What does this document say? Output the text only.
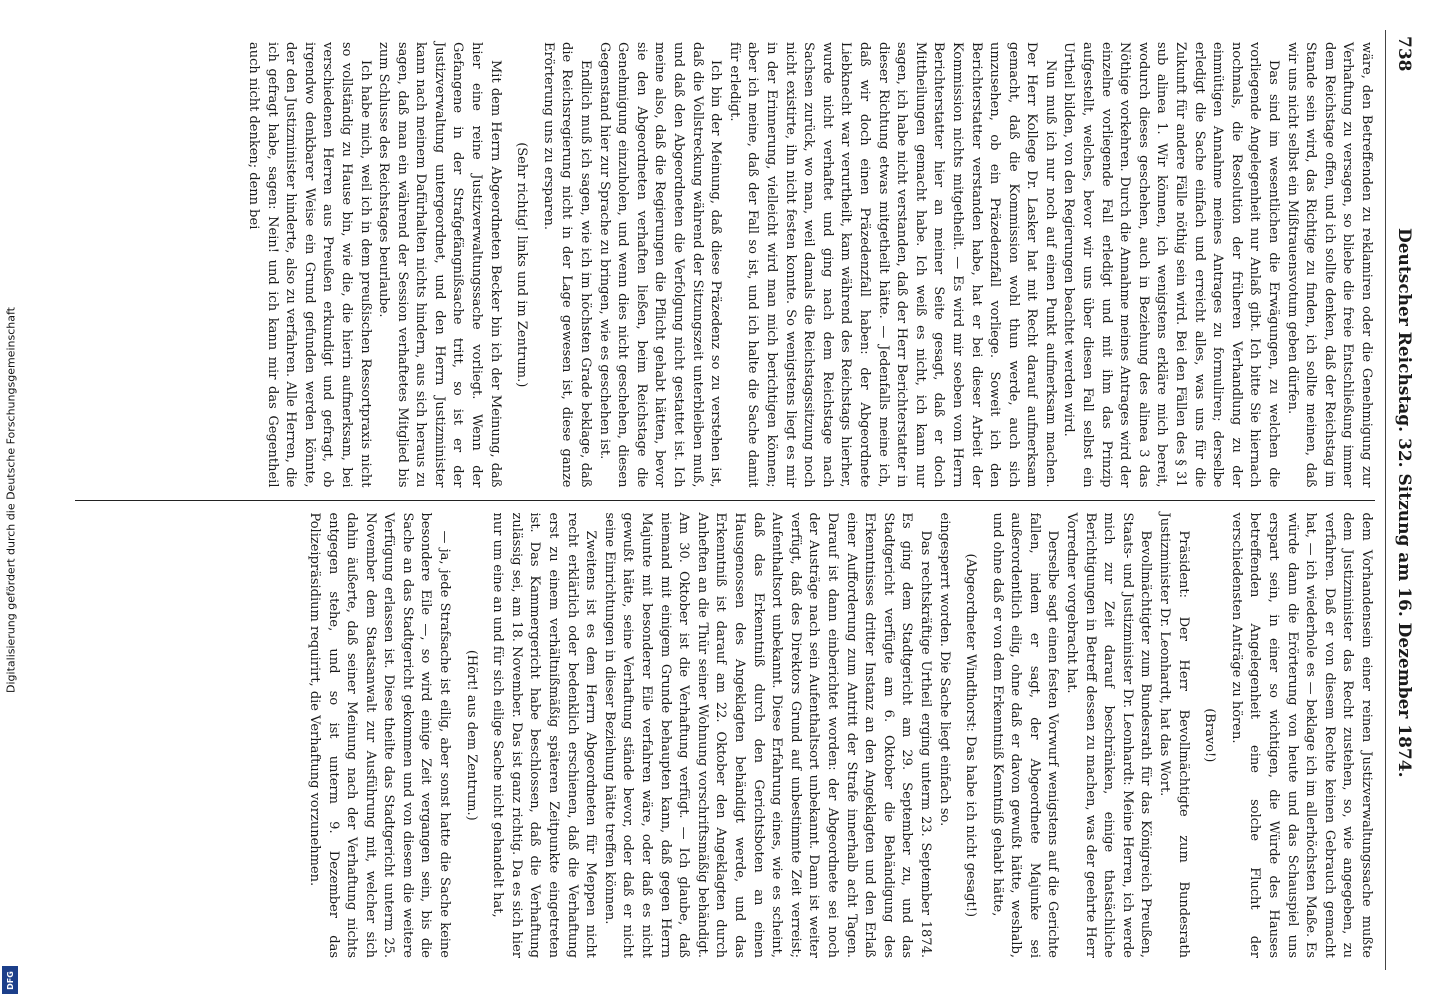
Digitalisierung gefördert durch die Deutsche Forschungsgemeinschaft
DFG
738
Deutscher Reichstag. 32. Sitzung am 16. Dezember 1874.

wäre, den Betreffenden zu reklamiren oder die Genehmigung zur Verhaftung zu versagen, so bliebe die freie Entschließung immer dem Reichstage offen, und ich sollte denken, daß der Reichstag im Stande sein wird, das Richtige zu finden, ich sollte meinen, daß wir uns nicht selbst ein Mißtrauensvotum geben dürfen.

Das sind im wesentlichen die Erwägungen, zu welchen die vorliegende Angelegenheit nur Anlaß gibt. Ich bitte Sie hiernach nochmals, die Resolution der früheren Verhandlung zu der einmütigen Annahme meines Antrages zu formuliren; derselbe erledigt die Sache einfach und erreicht alles, was uns für die Zukunft für andere Fälle nöthig sein wird. Bei den Fällen des § 31 sub alinea 1. Wir können, ich wenigstens erkläre mich bereit, wodurch dieses geschehen, auch in Beziehung des alinea 3 das Nöthige vorkehren. Durch die Annahme meines Antrages wird der einzelne vorliegende Fall erledigt und mit ihm das Prinzip aufgestellt, welches, bevor wir uns über diesen Fall selbst ein Urtheil bilden, von den Regierungen beachtet werden wird.

Nun muß ich nur noch auf einen Punkt aufmerksam machen. Der Herr Kollege Dr. Lasker hat mit Recht darauf aufmerksam gemacht, daß die Kommission wohl thun werde, auch sich umzusehen, ob ein Präzedenzfall vorliege. Soweit ich den Berichterstatter verstanden habe, hat er bei dieser Arbeit der Kommission nichts mitgetheilt. — Es wird mir soeben vom Herrn Berichterstatter hier an meiner Seite gesagt, daß er doch Mittheilungen gemacht habe. Ich weiß es nicht, ich kann nur sagen, ich habe nicht verstanden, daß der Herr Berichterstatter in dieser Richtung etwas mitgetheilt hätte. — Jedenfalls meine ich, daß wir doch einen Präzedenzfall haben: der Abgeordnete Liebknecht war verurtheilt, kam während des Reichstags hierher, wurde nicht verhaftet und ging nach dem Reichstage nach Sachsen zurück, wo man, weil damals die Reichstagssitzung noch nicht existirte, ihn nicht festen konnte. So wenigstens liegt es mir in der Erinnerung, vielleicht wird man mich berichtigen können; aber ich meine, daß der Fall so ist, und ich halte die Sache damit für erledigt.

Ich bin der Meinung, daß diese Präzedenz so zu verstehen ist, daß die Vollstreckung während der Sitzungszeit unterbleiben muß, und daß den Abgeordneten die Verfolgung nicht gestattet ist. Ich meine also, daß die Regierungen die Pflicht gehabt hätten, bevor sie den Abgeordneten verhaften ließen, beim Reichstage die Genehmigung einzuholen, und wenn dies nicht geschehen, diesen Gegenstand hier zur Sprache zu bringen, wie es geschehen ist.

Endlich muß ich sagen, wie ich im höchsten Grade beklage, daß die Reichsregierung nicht in der Lage gewesen ist, diese ganze Erörterung uns zu ersparen.

(Sehr richtig! links und im Zentrum.)

Mit dem Herrn Abgeordneten Becker bin ich der Meinung, daß hier eine reine Justizverwaltungssache vorliegt. Wenn der Gefangene in der Strafgefängnißsache tritt, so ist er der Justizverwaltung untergeordnet, und den Herrn Justizminister kann nach meinem Dafürhalten nichts hindern, aus sich heraus zu sagen, daß man ein während der Session verhaftetes Mitglied bis zum Schlusse des Reichstages beurlaube.

Ich habe mich, weil ich in dem preußischen Ressortpraxis nicht so vollständig zu Hause bin, wie die, die hierin aufmerksam, bei verschiedenen Herren aus Preußen erkundigt und gefragt, ob irgendwo denkbarer Weise ein Grund gefunden werden könnte, der den Justizminister hinderte, also zu verfahren. Alle Herren, die ich gefragt habe, sagen: Nein! und ich kann mir das Gegentheil auch nicht denken; denn bei

dem Vorhandensein einer reinen Justizverwaltungssache mußte dem Justizminister das Recht zustehen, so, wie angegeben, zu verfahren. Daß er von diesem Rechte keinen Gebrauch gemacht hat, — ich wiederhole es — beklage ich im allerhöchsten Maße. Es würde dann die Erörterung von heute und das Schauspiel uns erspart sein, in einer so wichtigen, die Würde des Hauses betreffenden Angelegenheit eine solche Flucht der verschiedensten Anträge zu hören.

(Bravo!)

Präsident: Der Herr Bevollmächtigte zum Bundesrath Justizminister Dr. Leonhardt, hat das Wort.

Bevollmächtigter zum Bundesrath für das Königreich Preußen, Staats- und Justizminister Dr. Leonhardt: Meine Herren, ich werde mich zur Zeit darauf beschränken, einige thatsächliche Berichtigungen in Betreff dessen zu machen, was der geehrte Herr Vorredner vorgebracht hat.

Derselbe sagt einen festen Vorwurf wenigstens auf die Gerichte fallen, indem er sagt, der Abgeordnete Majunke sei außerordentlich eilig, ohne daß er davon gewußt hätte, weshalb, und ohne daß er von dem Erkenntniß Kenntniß gehabt hätte,

(Abgeordneter Windthorst: Das habe ich nicht gesagt!)

eingesperrt worden. Die Sache liegt einfach so.

Das rechtskräftige Urtheil erging unterm 23. September 1874. Es ging dem Stadtgericht am 29. September zu, und das Stadtgericht verfügte am 6. Oktober die Behändigung des Erkenntnisses dritter Instanz an den Angeklagten und den Erlaß einer Aufforderung zum Antritt der Strafe innerhalb acht Tagen. Darauf ist dann einberichtet worden: der Abgeordnete sei noch der Austräge nach sein Aufenthaltsort unbekannt. Dann ist weiter verfügt, daß des Direktors Grund auf unbestimmte Zeit verreist; Aufenthaltsort unbekannt. Diese Erfahrung eines, wie es scheint, daß das Erkenntniß durch den Gerichtsboten an einen Hausgenossen des Angeklagten behändigt werde, und das Erkenntniß ist darauf am 22. Oktober den Angeklagten durch Anheften an die Thür seiner Wohnung vorschriftsmäßig behändigt. Am 30. Oktober ist die Verhaftung verfügt. — Ich glaube, daß niemand mit einigem Grunde behaupten kann, daß gegen Herrn Majunte mit besonderer Eile verfahren wäre, oder daß es nicht gewußt hätte, seine Verhaftung stände bevor, oder daß er nicht seine Einrichtungen in dieser Beziehung hätte treffen können.

Zweitens ist es dem Herrn Abgeordneten für Meppen nicht recht erklärlich oder bedenklich erschienen, daß die Verhaftung erst zu einem verhältnißmäßig späteren Zeitpunkte eingetreten ist. Das Kammergericht habe beschlossen, daß die Verhaftung zulässig sei, am 18. November. Das ist ganz richtig. Da es sich hier nur um eine an und für sich eilige Sache nicht gehandelt hat,

(Hört! aus dem Zentrum.)

— ja, jede Strafsache ist eilig, aber sonst hatte die Sache keine besondere Eile —, so wird einige Zeit vergangen sein, bis die Sache an das Stadtgericht gekommen und von diesem die weitere Verfügung erlassen ist. Diese theilte das Stadtgericht unterm 25. November dem Staatsanwalt zur Ausführung mit, welcher sich dahin äußerte, daß seiner Meinung nach der Verhaftung nichts entgegen stehe, und so ist unterm 9. Dezember das Polizeipräsidium requirirt, die Verhaftung vorzunehmen.
